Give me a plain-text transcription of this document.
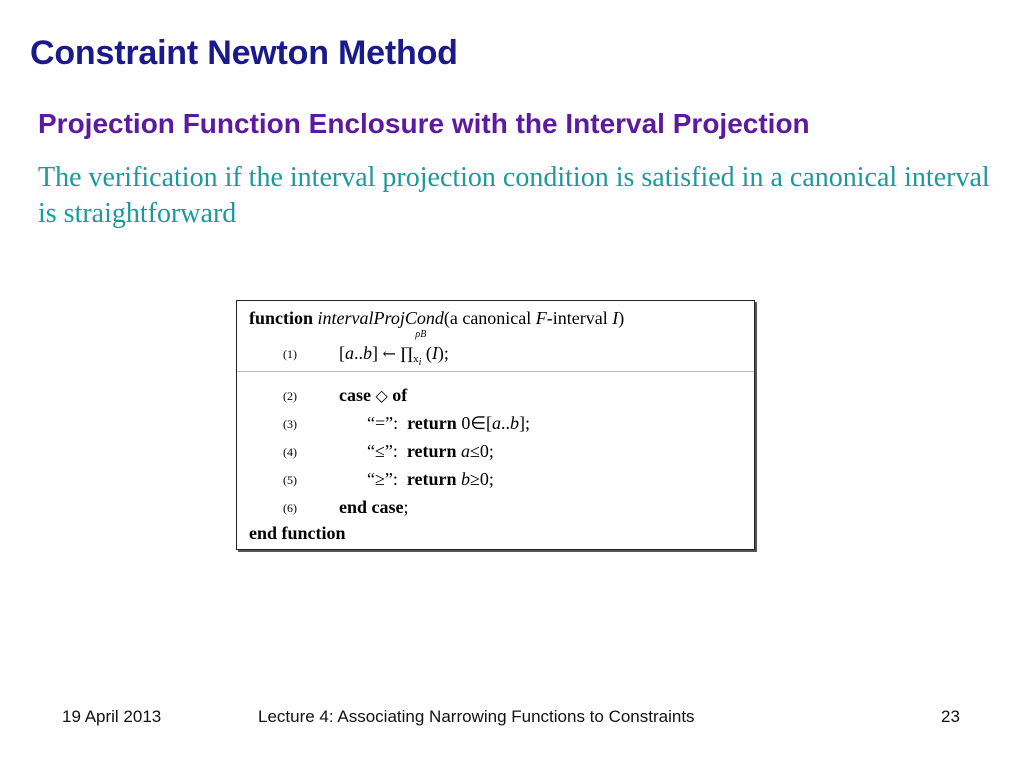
Constraint Newton Method
Projection Function Enclosure with the Interval Projection
The verification if the interval projection condition is satisfied in a canonical interval is straightforward
function intervalProjCond(a canonical F-interval I)
(1) [a..b] ← ∏xi
ρB
(I);
(2) case ◇ of
(3)	“=”: return 0∈[a..b];
(4)	“≤”: return a≤0;
(5)	“≥”: return b≥0;
(6) end case;
end function
19 April 2013	Lecture 4: Associating Narrowing Functions to Constraints	23
